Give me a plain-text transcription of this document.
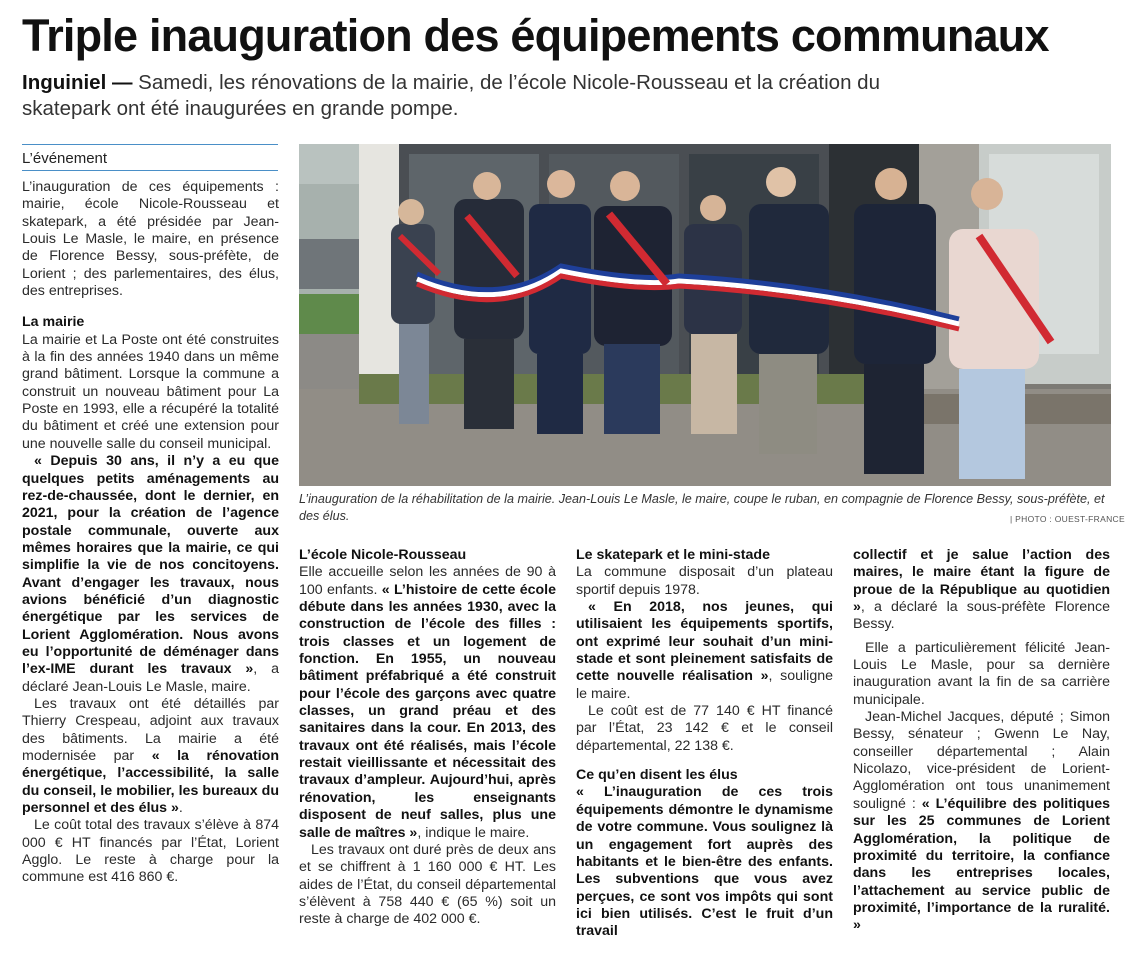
Triple inauguration des équipements communaux
Inguiniel — Samedi, les rénovations de la mairie, de l’école Nicole-Rousseau et la création du skatepark ont été inaugurées en grande pompe.
L’événement

L’inauguration de ces équipements : mairie, école Nicole-Rousseau et skatepark, a été présidée par Jean-Louis Le Masle, le maire, en présence de Florence Bessy, sous-préfète, de Lorient ; des parlementaires, des élus, des entreprises.

La mairie

La mairie et La Poste ont été construites à la fin des années 1940 dans un même grand bâtiment. Lorsque la commune a construit un nouveau bâtiment pour La Poste en 1993, elle a récupéré la totalité du bâtiment et créé une extension pour une nouvelle salle du conseil municipal.

« Depuis 30 ans, il n’y a eu que quelques petits aménagements au rez-de-chaussée, dont le dernier, en 2021, pour la création de l’agence postale communale, ouverte aux mêmes horaires que la mairie, ce qui simplifie la vie de nos concitoyens. Avant d’engager les travaux, nous avions bénéficié d’un diagnostic énergétique par les services de Lorient Agglomération. Nous avons eu l’opportunité de déménager dans l’ex-IME durant les travaux », a déclaré Jean-Louis Le Masle, maire.

Les travaux ont été détaillés par Thierry Crespeau, adjoint aux travaux des bâtiments. La mairie a été modernisée par « la rénovation énergétique, l’accessibilité, la salle du conseil, le mobilier, les bureaux du personnel et des élus ».

Le coût total des travaux s’élève à 874 000 € HT financés par l’État, Lorient Agglo. Le reste à charge pour la commune est 416 860 €.

L’inauguration de la réhabilitation de la mairie. Jean-Louis Le Masle, le maire, coupe le ruban, en compagnie de Florence Bessy, sous-préfète, et des élus.	| PHOTO : OUEST-FRANCE

L’école Nicole-Rousseau

Elle accueille selon les années de 90 à 100 enfants. « L’histoire de cette école débute dans les années 1930, avec la construction de l’école des filles : trois classes et un logement de fonction. En 1955, un nouveau bâtiment préfabriqué a été construit pour l’école des garçons avec quatre classes, un grand préau et des sanitaires dans la cour. En 2013, des travaux ont été réalisés, mais l’école restait vieillissante et nécessitait des travaux d’ampleur. Aujourd’hui, après rénovation, les enseignants disposent de neuf salles, plus une salle de maîtres », indique le maire.

Les travaux ont duré près de deux ans et se chiffrent à 1 160 000 € HT. Les aides de l’État, du conseil départemental s’élèvent à 758 440 € (65 %) soit un reste à charge de 402 000 €.

Le skatepark et le mini-stade

La commune disposait d’un plateau sportif depuis 1978.

« En 2018, nos jeunes, qui utilisaient les équipements sportifs, ont exprimé leur souhait d’un mini-stade et sont pleinement satisfaits de cette nouvelle réalisation », souligne le maire.

Le coût est de 77 140 € HT financé par l’État, 23 142 € et le conseil départemental, 22 138 €.

Ce qu’en disent les élus

« L’inauguration de ces trois équipements démontre le dynamisme de votre commune. Vous soulignez là un engagement fort auprès des habitants et le bien-être des enfants. Les subventions que vous avez perçues, ce sont vos impôts qui sont ici bien utilisés. C’est le fruit d’un travail

collectif et je salue l’action des maires, le maire étant la figure de proue de la République au quotidien », a déclaré la sous-préfète Florence Bessy.

Elle a particulièrement félicité Jean-Louis Le Masle, pour sa dernière inauguration avant la fin de sa carrière municipale.

Jean-Michel Jacques, député ; Simon Bessy, sénateur ; Gwenn Le Nay, conseiller départemental ; Alain Nicolazo, vice-président de Lorient-Agglomération ont tous unanimement souligné : « L’équilibre des politiques sur les 25 communes de Lorient Agglomération, la politique de proximité du territoire, la confiance dans les entreprises locales, l’attachement au service public de proximité, l’importance de la ruralité. »
